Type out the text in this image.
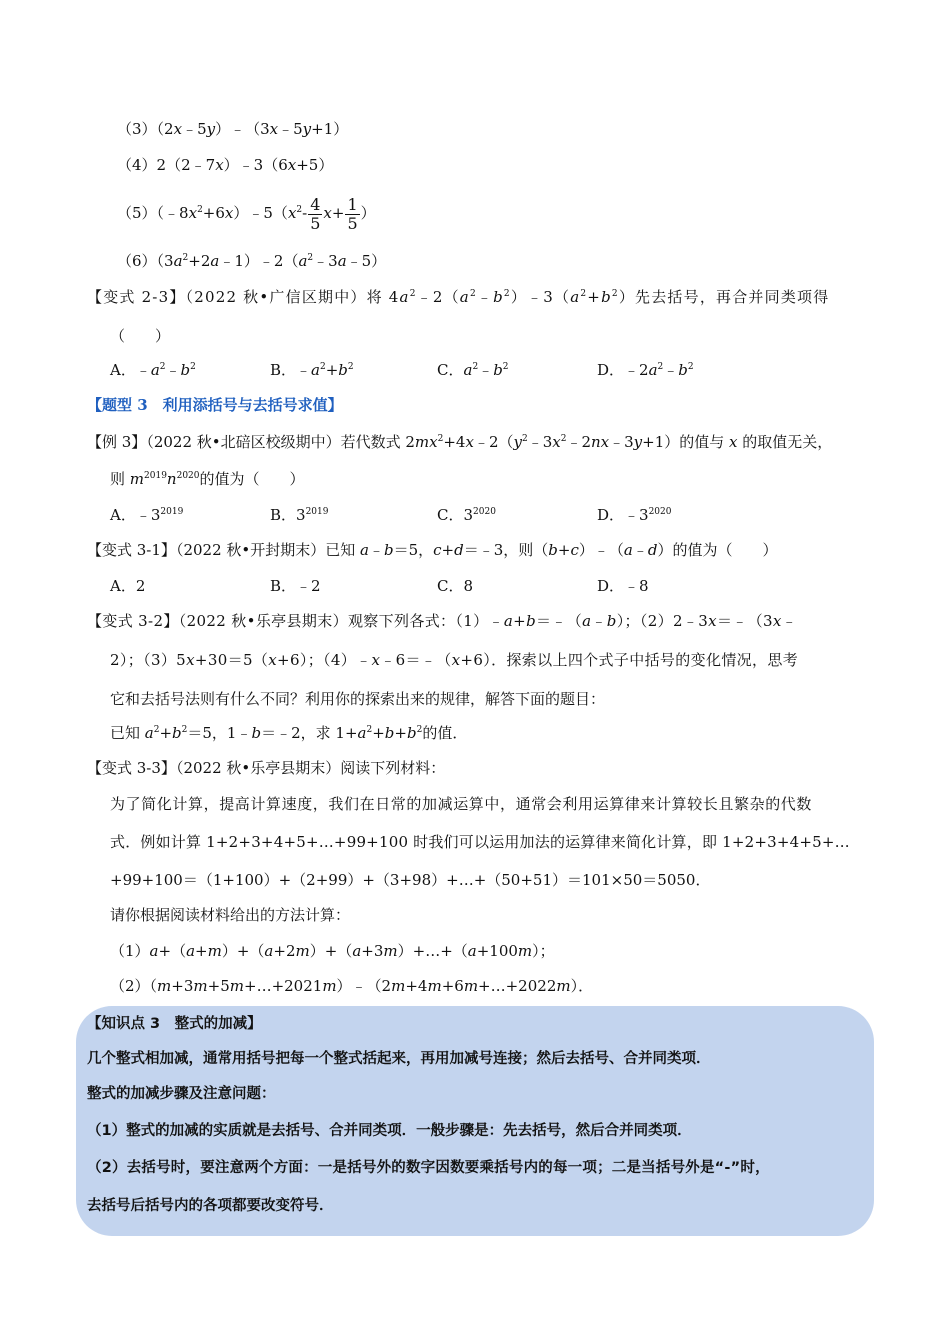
（3）（2x﹣5y）﹣（3x﹣5y+1）
（4）2（2﹣7x）﹣3（6x+5）
$(5)(﹣8x^2+6x)﹣5(x^2- \frac{4}{5} x+ \frac{1}{5}$ ）
$(6)(3a^2+2a﹣1)﹣2(a^2﹣3a﹣5)$
【变式 2-3】（2022 秋•广信区期中）将 $4a^2﹣2(a^2﹣b^2)﹣3(a^2+b^2)$先去括号，再合并同类项得
（　　）
A．$﹣a^2﹣b^2$	B．$﹣a^2+b^2$	C．$a^2﹣b^2$	D．$﹣2a^2﹣b^2$
【题型 3　利用添括号与去括号求值】
【例 3】（2022 秋•北碚区校级期中）若代数式 $2mx^2+4x﹣2(y^2﹣3x^2﹣2nx﹣3y+1)$的值与 x 的取值无关，
则 $m^{2019}n^{2020}$的值为（　　）
A．$﹣3^{2019}$	B．$3^{2019}$	C．$3^{2020}$	D．$﹣3^{2020}$
【变式 3-1】（2022 秋•开封期末）已知 a﹣b＝5，c+d＝﹣3，则（b+c）﹣（a﹣d）的值为（　　）
A．2	B．﹣2	C．8	D．﹣8
【变式 3-2】（2022 秋•乐亭县期末）观察下列各式：（1）﹣a+b＝﹣（a﹣b）；（2）2﹣3x＝﹣（3x﹣
2）；（3）5x+30＝5（x+6）；（4）﹣x﹣6＝﹣（x+6）．探索以上四个式子中括号的变化情况，思考
它和去括号法则有什么不同？利用你的探索出来的规律，解答下面的题目：
已知 $a^2+b^2=5$，1﹣b＝﹣2，求 $1+a^2+b+b^2$的值．
【变式 3-3】（2022 秋•乐亭县期末）阅读下列材料：
为了简化计算，提高计算速度，我们在日常的加减运算中，通常会利用运算律来计算较长且繁杂的代数
式．例如计算 1+2+3+4+5+…+99+100 时我们可以运用加法的运算律来简化计算，即 1+2+3+4+5+…
+99+100＝（1+100）+（2+99）+（3+98）+…+（50+51）＝101×50＝5050．
请你根据阅读材料给出的方法计算：
（1）a+（a+m）+（a+2m）+（a+3m）+…+（a+100m）；
（2）（m+3m+5m+…+2021m）﹣（2m+4m+6m+…+2022m）．
【知识点 3　整式的加减】
几个整式相加减，通常用括号把每一个整式括起来，再用加减号连接；然后去括号、合并同类项．
整式的加减步骤及注意问题：
（1）整式的加减的实质就是去括号、合并同类项．一般步骤是：先去括号，然后合并同类项．
（2）去括号时，要注意两个方面：一是括号外的数字因数要乘括号内的每一项；二是当括号外是“-”时，
去括号后括号内的各项都要改变符号．
